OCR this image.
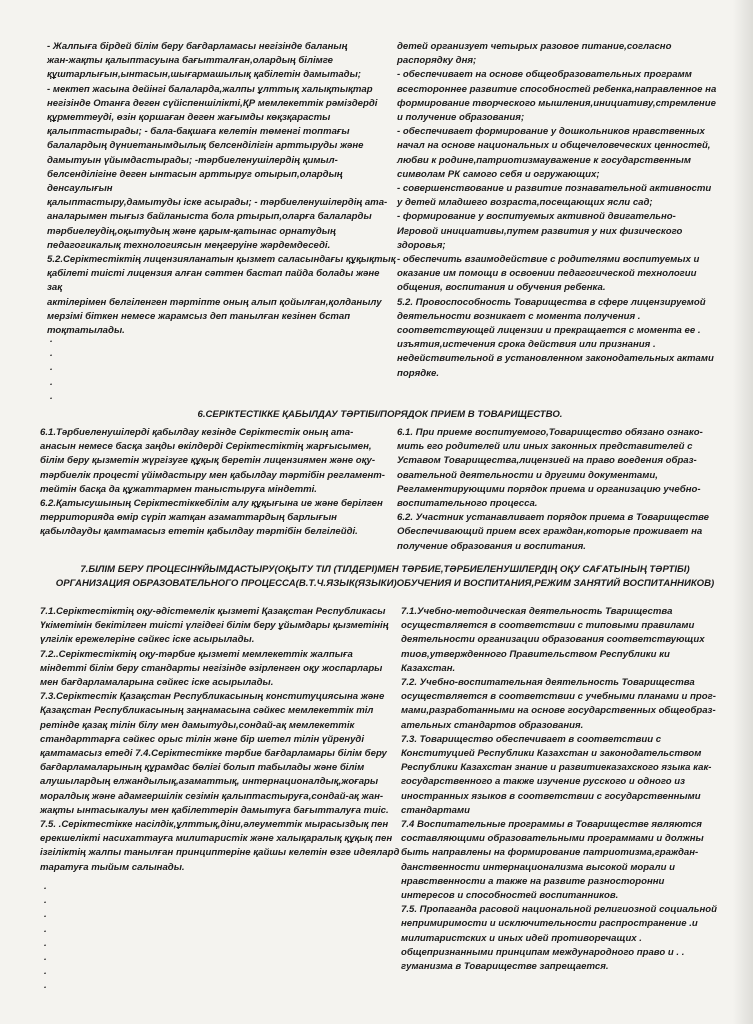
- Жалпыға бірдей білім беру бағдарламасы негізінде баланың

жан-жақты қалыптасуына бағытталған,олардың білімге

құштарлығын,ынтасын,шығармашылық қабілетін дамытады;

- мектеп жасына дейінгі балаларда,жалпы ұлттық халықтықтар

негізінде Отанға деген сүйіспеншілікті,ҚР мемлекеттік рәміздерді

құрметтеуді, өзін қоршаған деген жағымды көқзқарасты

қалыптастырады; - бала-бақшаға келетін төменгі топтағы

балалардың дүниетанымдылық белсенділігін арттыруды және

дамытуын үйымдастырады; -тәрбиеленушілердің қимыл-

белсенділігіне деген ынтасын арттыруг отырып,олардың денсаулығын

қалыптастыру,дамытуды іске асырады; - тәрбиеленушілердің ата-

аналарымен тығыз байланыста бола ртырып,оларға балаларды

тәрбиелеудің,оқытудың және қарым-қатынас орнатудың

педагогикалық технологиясын меңгеруіне жәрдемдеседі.

5.2.Серіктестіктің лицензияланатын қызмет саласындағы құқықтық

қабілеті тиісті лицензия алған сәттен бастап пайда болады және зақ

актілерімен белгіленген тәртіпте оның алып қойылған,қолданылу

мерзімі біткен немесе жарамсыз деп танылған кезінен бстап

тоқтатылады.

.
.
.
.
.

детей организует четырых разовое питание,согласно

распорядку дня;

- обеспечивает на основе общеобразовательных программ

всестороннее развитие способностей ребенка,направленное на

формирование творческого мышления,инициативу,стремление

и получение образования;

- обеспечивает формирование у дошкольников нравственных

начал на основе национальных и общечеловеческих ценностей,

любви к родине,патриотизмауважение к государственным

символам РК самого себя и огружающих;

- совершенствование и развитие познавательной активности

у детей младшего возраста,посещающих ясли сад;

- формирование у воспитуемых активной двигательно-

Игровой инициативы,путем развития у них физического

здоровья;

- обеспечить взаимодействие с родителями воспитуемых и

оказание им помощи в освоении педагогической технологии

общения, воспитания и обучения ребенка.

5.2. Провоспособность Товарищества в сфере лицензируемой

деятельности возникает с момента получения .

соответствующей лицензии и прекращается с момента ее .

изъятия,истечения срока действия или признания .

недействительной в установленном законодательных актами

порядке.

6.СЕРІКТЕСТІККЕ ҚАБЫЛДАУ ТӘРТІБІ/ПОРЯДОК ПРИЕМ В ТОВАРИЩЕСТВО.

6.1.Тәрбиеленушілерді қабылдау кезінде Серіктестік оның ата-

анасын немесе басқа заңды өкілдерді Серіктестіктің жарғысымен,

білім беру қызметін жүргізуге құқық беретін лицензиямен және оқу-

тәрбиелік процесті үйімдастыру мен қабылдау тәртібін регламент-

тейтін басқа да құжаттармен таныстыруға міндетті.

6.2.Қатысушының Серіктестіккебілім алу құқығына ие және берілген

территорияда өмір сүріп жатқан азаматтардың барлығын

қабылдауды қамтамасыз ететін қабылдау тәртібін белгілейді.

6.1. При приеме воспитуемого,Товарищество обязано ознако-

мить его родителей или иных законных представителей с

Уставом Товарищества,лицензией на право воедения образ-

овательной деятельности и другими документами,

Регламентирующими порядок приема и организацию учебно-

воспитательного процесса.

6.2. Участник устанавливает порядок приема в Товариществе

Обеспечивающий прием всех граждан,которые проживает на

получение образования и воспитания.

7.БІЛІМ БЕРУ ПРОЦЕСІНҰЙЫМДАСТЫРУ(ОҚЫТУ ТІЛ (ТІЛДЕРІ)МЕН ТӘРБИЕ,ТӘРБИЕЛЕНУШІЛЕРДІҢ ОҚУ САҒАТЫНЫҢ ТӘРТІБІ)
ОРГАНИЗАЦИЯ ОБРАЗОВАТЕЛЬНОГО ПРОЦЕССА(В.Т.Ч.ЯЗЫК(ЯЗЫКИ)ОБУЧЕНИЯ И ВОСПИТАНИЯ,РЕЖИМ ЗАНЯТИЙ ВОСПИТАННИКОВ)

7.1.Серіктестіктің оқу-әдістемелік қызметі Қазақстан Республикасы

Үкіметімін бекітілген тиісті үлгідегі білім беру ұйымдары қызметінің

үлгілік ережелеріне сәйкес іске асырылады.

7.2..Серіктестіктің оқу-тәрбие қызметі мемлекеттік жалпыға

міндетті білім беру стандарты негізінде әзірленген оқу жоспарлары

мен бағдарламаларына сәйкес іске асырылады.

7.3.Серіктестік Қазақстан Республикасының конституциясына және

Қазақстан Республикасының заңнамасына сәйкес мемлекеттік тіл

ретінде қазақ тілін білу мен дамытуды,сондай-ақ мемлекеттік

стандарттарға сәйкес орыс тілін және бір шетел тілін үйренуді

қамтамасыз етеді 7.4.Серіктестікке тәрбие бағдарламары білім беру

бағдарламаларының құрамдас бөлігі болып табылады және білім

алушылардың елжандылық,азаматтық, интернационалдық,жоғары

моралдық және адамгершілік сезімін қалыптастыруға,сондай-ақ жан-

жақты ынтасыкалуы мен қабілеттерін дамытуға бағытталуға тиіс.

7.5. .Серіктестікке насілдік,ұлттық,діни,әлеуметтік мырасыздық пен

ерекшелікті насихаттауға милитаристік және халықаралық құқық пен

ізгіліктің жалпы танылған принциптеріне қайшы келетін өзге идеялард

таратуға тыйым салынады.

.
.
.
.
.
.
.
.

7.1.Учебно-методическая деятельность Тварищества

осуществляется в соответствии с типовыми правилами

деятельности организации образования соответствующих

тиов,утвержденного Правительством Республики ки

Казахстан.

7.2. Учебно-воспитательная деятельность Товарищества

осуществляется в соответствии с учебными планами и прог-

мами,разработанными на основе государственных общеобраз-

ательных стандартов образования.

7.3. Товарищество обеспечивает в соответствии с

Конституцией Республики Казахстан и законодательством

Республики Казахстан знание и развитиеказахского языка как-

государственного а также изучение русского и одного из

иностранных языков в соответствии с государственными

стандартами

7.4 Воспитательные программы в Товариществе являются

составляющими образовательными программами и должны

быть направлены на формирование патриотизма,граждан-

данственности интернационализма высокой морали и

нравственности а также на развите разносторонни

интересов и способностей воспитанников.

7.5. Пропаганда расовой национальной религиозной социальной

непримиримости и исключительности распространение .и

милитаристских и иных идей противоречащих .

общепризнанными принципам международного право и . .

гуманизма в Товариществе запрещается.
